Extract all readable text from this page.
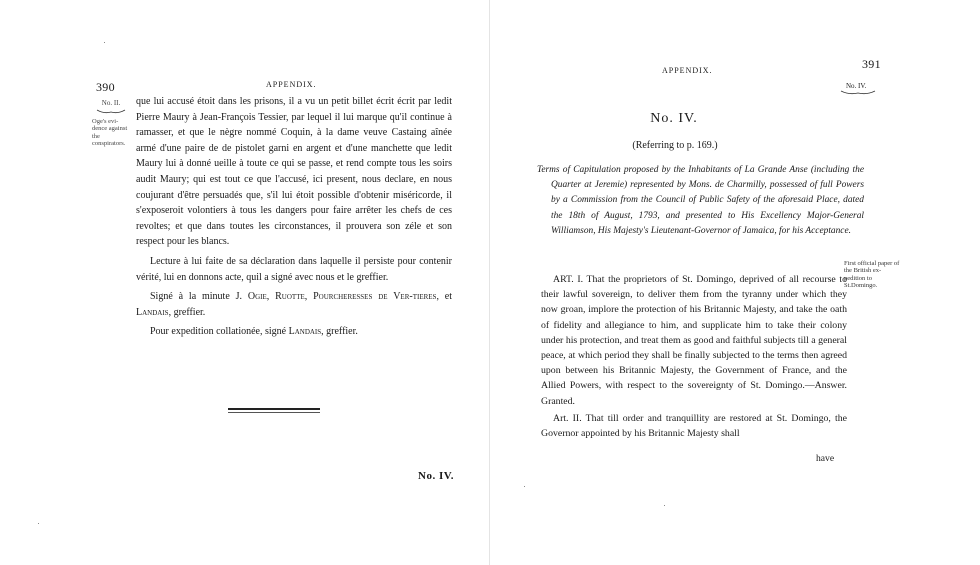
390	APPENDIX.
No. II.
Oge's evi-dence against the conspirators.

que lui accusé étoit dans les prisons, il a vu un petit billet écrit écrit par ledit Pierre Maury à Jean-François Tessier, par lequel il lui marque qu'il continue à ramasser, et que le nègre nommé Coquin, à la dame veuve Castaing aînée armé d'une paire de de pistolet garni en argent et d'une manchette que ledit Maury lui à donné ueille à toute ce qui se passe, et rend compte tous les soirs audit Maury; qui est tout ce que l'accusé, ici present, nous declare, en nous coujurant d'être persuadés que, s'il lui étoit possible d'obtenir miséricorde, il s'exposeroit volontiers à tous les dangers pour faire arrêter les chefs de ces revoltes; et que dans toutes les circonstances, il prouvera son zéle et son respect pour les blancs.

Lecture à lui faite de sa déclaration dans laquelle il persiste pour contenir vérité, lui en donnons acte, quil a signé avec nous et le greffier.

Signé à la minute J. Ogie, Ruotte, Pourcheresses de Ver-tieres, et Landais, greffier.

Pour expedition collationée, signé Landais, greffier.

No. IV.
APPENDIX.	391
No. IV.
No. IV.
(Referring to p. 169.)
Terms of Capitulation proposed by the Inhabitants of La Grande Anse (including the Quarter at Jeremie) represented by Mons. de Charmilly, possessed of full Powers by a Commission from the Council of Public Safety of the aforesaid Place, dated the 18th of August, 1793, and presented to His Excellency Major-General Williamson, His Majesty's Lieutenant-Governor of Jamaica, for his Acceptance.
First official paper of the British ex-pedition to St.Domingo.

ART. I. That the proprietors of St. Domingo, deprived of all recourse to their lawful sovereign, to deliver them from the tyranny under which they now groan, implore the protection of his Britannic Majesty, and take the oath of fidelity and allegiance to him, and supplicate him to take their colony under his protection, and treat them as good and faithful subjects till a general peace, at which period they shall be finally subjected to the terms then agreed upon between his Britannic Majesty, the Government of France, and the Allied Powers, with respect to the sovereignty of St. Domingo.—Answer. Granted.

Art. II. That till order and tranquillity are restored at St. Domingo, the Governor appointed by his Britannic Majesty shall

have
